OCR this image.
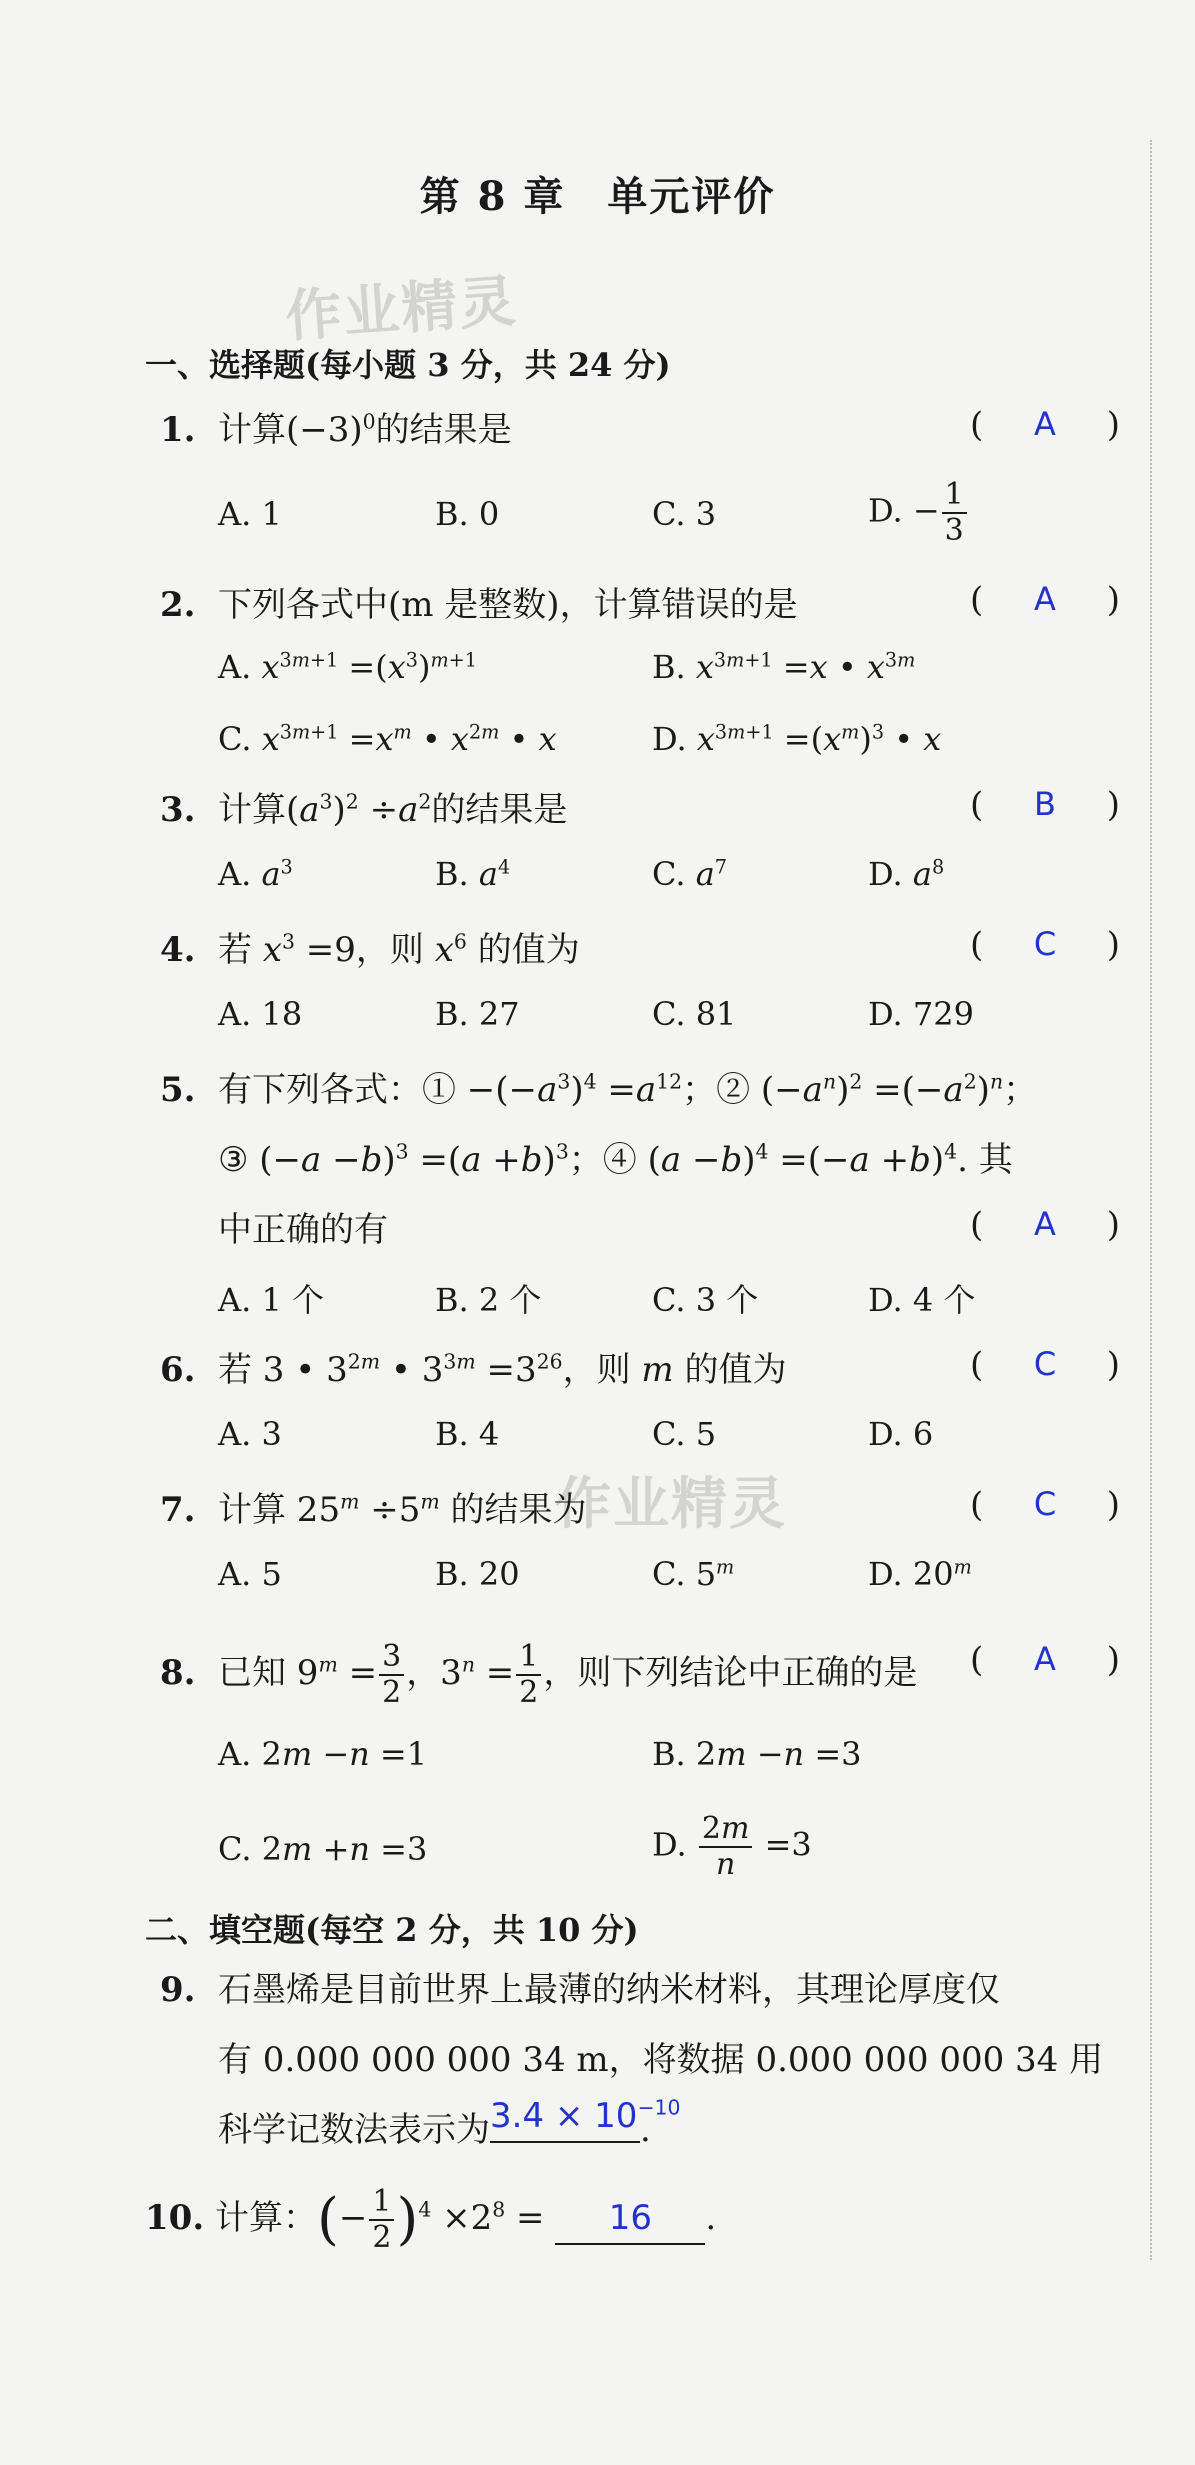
第 8 章　单元评价
作业精灵
作业精灵
一、选择题(每小题 3 分，共 24 分)
1. 计算$(-3)^0$的结果是	( A )
A. 1	B. 0	C. 3	D. − $\frac{1}{3}$
2. 下列各式中(m 是整数)，计算错误的是	( A )
A. $x^{3m+1} =(x^3)^{m+1}$	B. $x^{3m+1} =x$ • $x^{3m}$
C. $x^{3m+1} =x^m$ • $x^{2m}$ • x	D. $x^{3m+1} =(x^m)^3$ • x
3. 计算$(a^3)^2 \div a^2$的结果是	( B )
A. $a^3$	B. $a^4$	C. $a^7$	D. $a^8$
4. 若 $x^3 =9$，则 $x^6$ 的值为	( C )
A. 18	B. 27	C. 81	D. 729
5. 有下列各式：① $-(-a^3)^4 =a^{12}$；② $(-a^n)^2 =(-a^2)^n$；
③ $(-a -b)^3 =(a +b)^3$；④ $(a -b)^4 =(-a +b)^4$. 其
中正确的有	( A )
A. 1 个	B. 2 个	C. 3 个	D. 4 个
6. 若 3 • $3^{2m}$ • $3^{3m} =3^{26}$，则 m 的值为	( C )
A. 3	B. 4	C. 5	D. 6
7. 计算 $25^m \div 5^m$ 的结果为	( C )
A. 5	B. 20	C. 5$^m$	D. 20$^m$
8. 已知 $9^m = \frac{3}{2}$ ，$3^n = \frac{1}{2}$ ，则下列结论中正确的是 ( A )
A. 2m −n =1	B. 2m −n =3
C. 2m +n =3	D. $\frac{2m}{n} =3$
二、填空题(每空 2 分，共 10 分)
9. 石墨烯是目前世界上最薄的纳米材料，其理论厚度仅
有 0.000 000 000 34 m，将数据 0.000 000 000 34 用
科学记数法表示为$3.4 \times 10^{-10}$.
10. 计算：(− $\frac{1}{2} )^4 \times 2^8 = 16$ .
